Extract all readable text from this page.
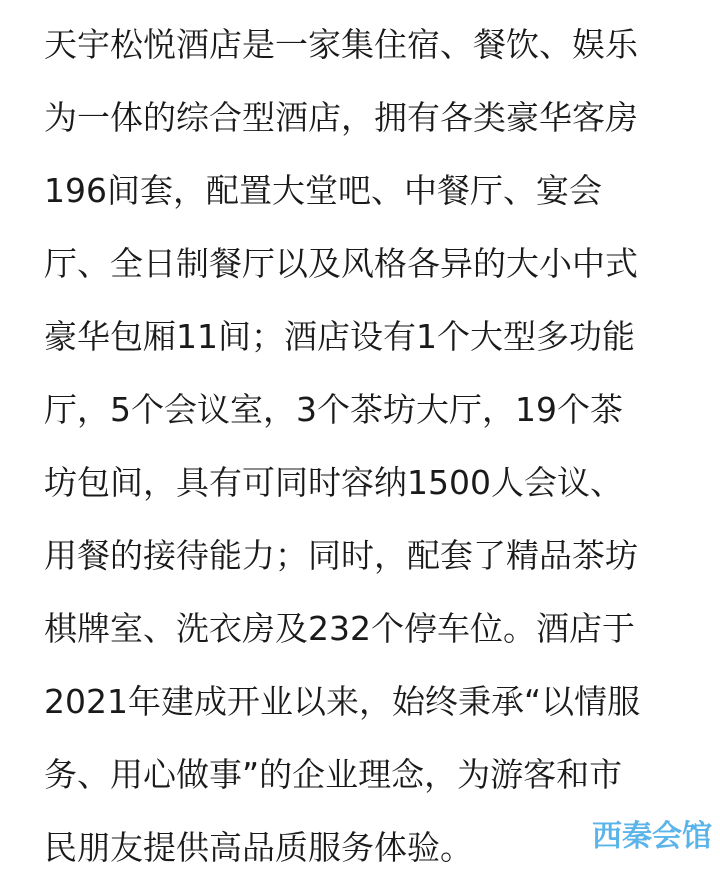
天宇松悦酒店是一家集住宿、餐饮、娱乐
为一体的综合型酒店，拥有各类豪华客房
196间套，配置大堂吧、中餐厅、宴会
厅、全日制餐厅以及风格各异的大小中式
豪华包厢11间；酒店设有1个大型多功能
厅，5个会议室，3个茶坊大厅，19个茶
坊包间，具有可同时容纳1500人会议、
用餐的接待能力；同时，配套了精品茶坊
棋牌室、洗衣房及232个停车位。酒店于
2021年建成开业以来，始终秉承“以情服
务、用心做事”的企业理念，为游客和市
民朋友提供高品质服务体验。	西秦会馆
